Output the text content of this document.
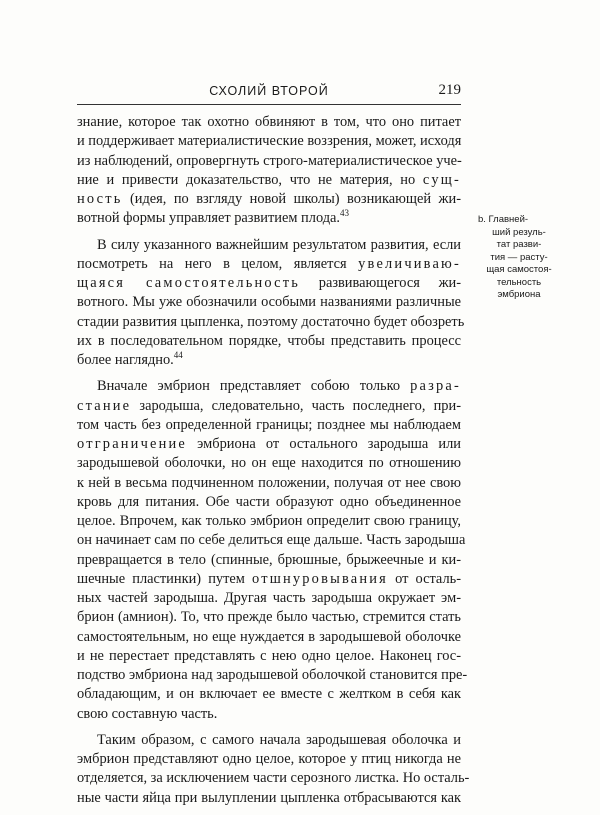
СХОЛИЙ ВТОРОЙ	219

знание, которое так охотно обвиняют в том, что оно питает
и поддерживает материалистические воззрения, может, исходя
из наблюдений, опровергнуть строго-материалистическое уче-
ние и привести доказательство, что не материя, но сущ-
ность (идея, по взгляду новой школы) возникающей жи-
вотной формы управляет развитием плода.$^{43}$

В силу указанного важнейшим результатом развития, если
посмотреть на него в целом, является увеличиваю-
щаяся самостоятельность развивающегося жи-
вотного. Мы уже обозначили особыми названиями различные
стадии развития цыпленка, поэтому достаточно будет обозреть
их в последовательном порядке, чтобы представить процесс
более наглядно.$^{44}$

Вначале эмбрион представляет собою только разра-
стание зародыша, следовательно, часть последнего, при-
том часть без определенной границы; позднее мы наблюдаем
отграничение эмбриона от остального зародыша или
зародышевой оболочки, но он еще находится по отношению
к ней в весьма подчиненном положении, получая от нее свою
кровь для питания. Обе части образуют одно объединенное
целое. Впрочем, как только эмбрион определит свою границу,
он начинает сам по себе делиться еще дальше. Часть зародыша
превращается в тело (спинные, брюшные, брыжеечные и ки-
шечные пластинки) путем отшнуровывания от осталь-
ных частей зародыша. Другая часть зародыша окружает эм-
брион (амнион). То, что прежде было частью, стремится стать
самостоятельным, но еще нуждается в зародышевой оболочке
и не перестает представлять с нею одно целое. Наконец гос-
подство эмбриона над зародышевой оболочкой становится пре-
обладающим, и он включает ее вместе с желтком в себя как
свою составную часть.

Таким образом, с самого начала зародышевая оболочка и
эмбрион представляют одно целое, которое у птиц никогда не
отделяется, за исключением части серозного листка. Но осталь-
ные части яйца при вылуплении цыпленка отбрасываются как

b. Главней-
ший резуль-
тат разви-
тия — расту-
щая самостоя-
тельность
эмбриона
